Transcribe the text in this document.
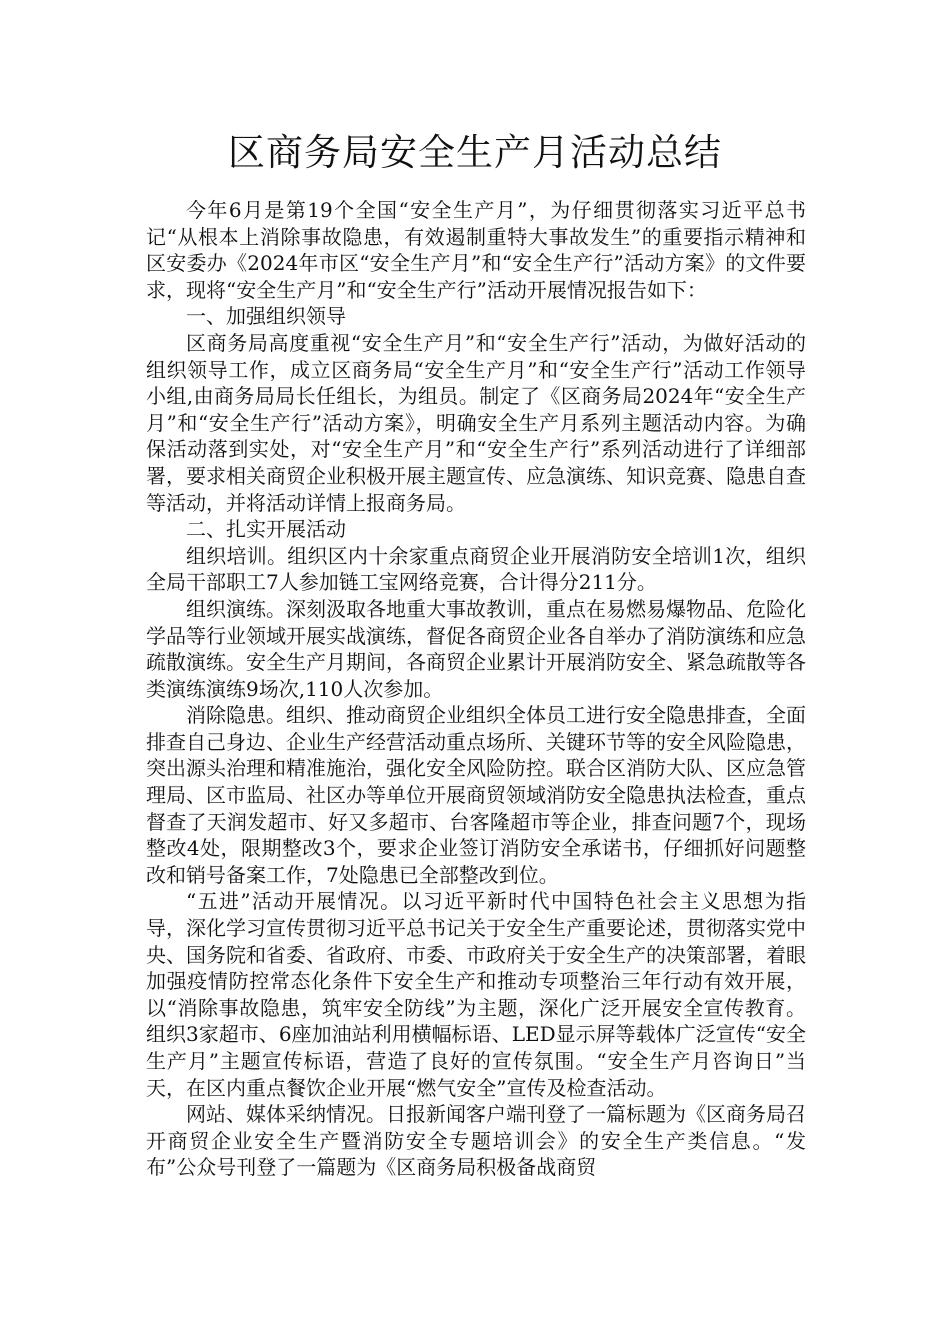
区商务局安全生产月活动总结

今年6月是第19个全国“安全生产月”，为仔细贯彻落实习近平总书记“从根本上消除事故隐患，有效遏制重特大事故发生”的重要指示精神和区安委办《2024年市区“安全生产月”和“安全生产行”活动方案》的文件要求，现将“安全生产月”和“安全生产行”活动开展情况报告如下：

一、加强组织领导

区商务局高度重视“安全生产月”和“安全生产行”活动，为做好活动的组织领导工作，成立区商务局“安全生产月”和“安全生产行”活动工作领导小组,由商务局局长任组长，为组员。制定了《区商务局2024年“安全生产月”和“安全生产行”活动方案》，明确安全生产月系列主题活动内容。为确保活动落到实处，对“安全生产月”和“安全生产行”系列活动进行了详细部署，要求相关商贸企业积极开展主题宣传、应急演练、知识竞赛、隐患自查等活动，并将活动详情上报商务局。

二、扎实开展活动

组织培训。组织区内十余家重点商贸企业开展消防安全培训1次，组织全局干部职工7人参加链工宝网络竞赛，合计得分211分。

组织演练。深刻汲取各地重大事故教训，重点在易燃易爆物品、危险化学品等行业领域开展实战演练，督促各商贸企业各自举办了消防演练和应急疏散演练。安全生产月期间，各商贸企业累计开展消防安全、紧急疏散等各类演练演练9场次,110人次参加。

消除隐患。组织、推动商贸企业组织全体员工进行安全隐患排查，全面排查自己身边、企业生产经营活动重点场所、关键环节等的安全风险隐患，突出源头治理和精准施治，强化安全风险防控。联合区消防大队、区应急管理局、区市监局、社区办等单位开展商贸领域消防安全隐患执法检查，重点督查了天润发超市、好又多超市、台客隆超市等企业，排查问题7个，现场整改4处，限期整改3个，要求企业签订消防安全承诺书，仔细抓好问题整改和销号备案工作，7处隐患已全部整改到位。

“五进”活动开展情况。以习近平新时代中国特色社会主义思想为指导，深化学习宣传贯彻习近平总书记关于安全生产重要论述，贯彻落实党中央、国务院和省委、省政府、市委、市政府关于安全生产的决策部署，着眼加强疫情防控常态化条件下安全生产和推动专项整治三年行动有效开展，以“消除事故隐患，筑牢安全防线”为主题，深化广泛开展安全宣传教育。组织3家超市、6座加油站利用横幅标语、LED显示屏等载体广泛宣传“安全生产月”主题宣传标语，营造了良好的宣传氛围。“安全生产月咨询日”当天，在区内重点餐饮企业开展“燃气安全”宣传及检查活动。

网站、媒体采纳情况。日报新闻客户端刊登了一篇标题为《区商务局召开商贸企业安全生产暨消防安全专题培训会》的安全生产类信息。“发布”公众号刊登了一篇题为《区商务局积极备战商贸
